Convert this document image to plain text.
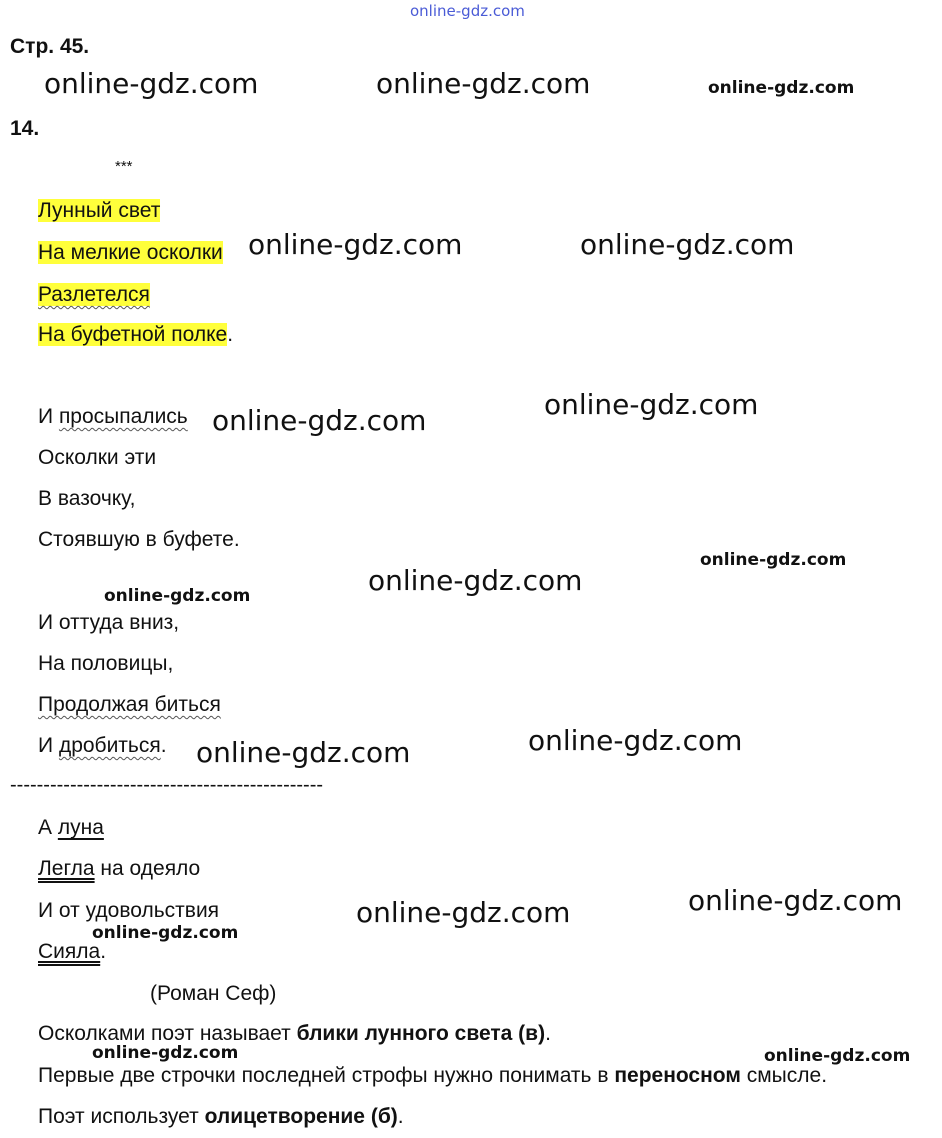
online-gdz.com
Стр. 45.
14.
***
Лунный свет
На мелкие осколки
Разлетелся
На буфетной полке.
И просыпались
Осколки эти
В вазочку,
Стоявшую в буфете.
И оттуда вниз,
На половицы,
Продолжая биться
И дробиться.
-----------------------------------------------
А луна
Легла на одеяло
И от удовольствия
Сияла.
(Роман Сеф)
Осколками поэт называет блики лунного света (в).
Первые две строчки последней строфы нужно понимать в переносном смысле.
Поэт использует олицетворение (б).
online-gdz.com	online-gdz.com	online-gdz.com
online-gdz.com	online-gdz.com
online-gdz.com	online-gdz.com
online-gdz.com
online-gdz.com
online-gdz.com
online-gdz.com	online-gdz.com
online-gdz.com
online-gdz.com
online-gdz.com
online-gdz.com	online-gdz.com
